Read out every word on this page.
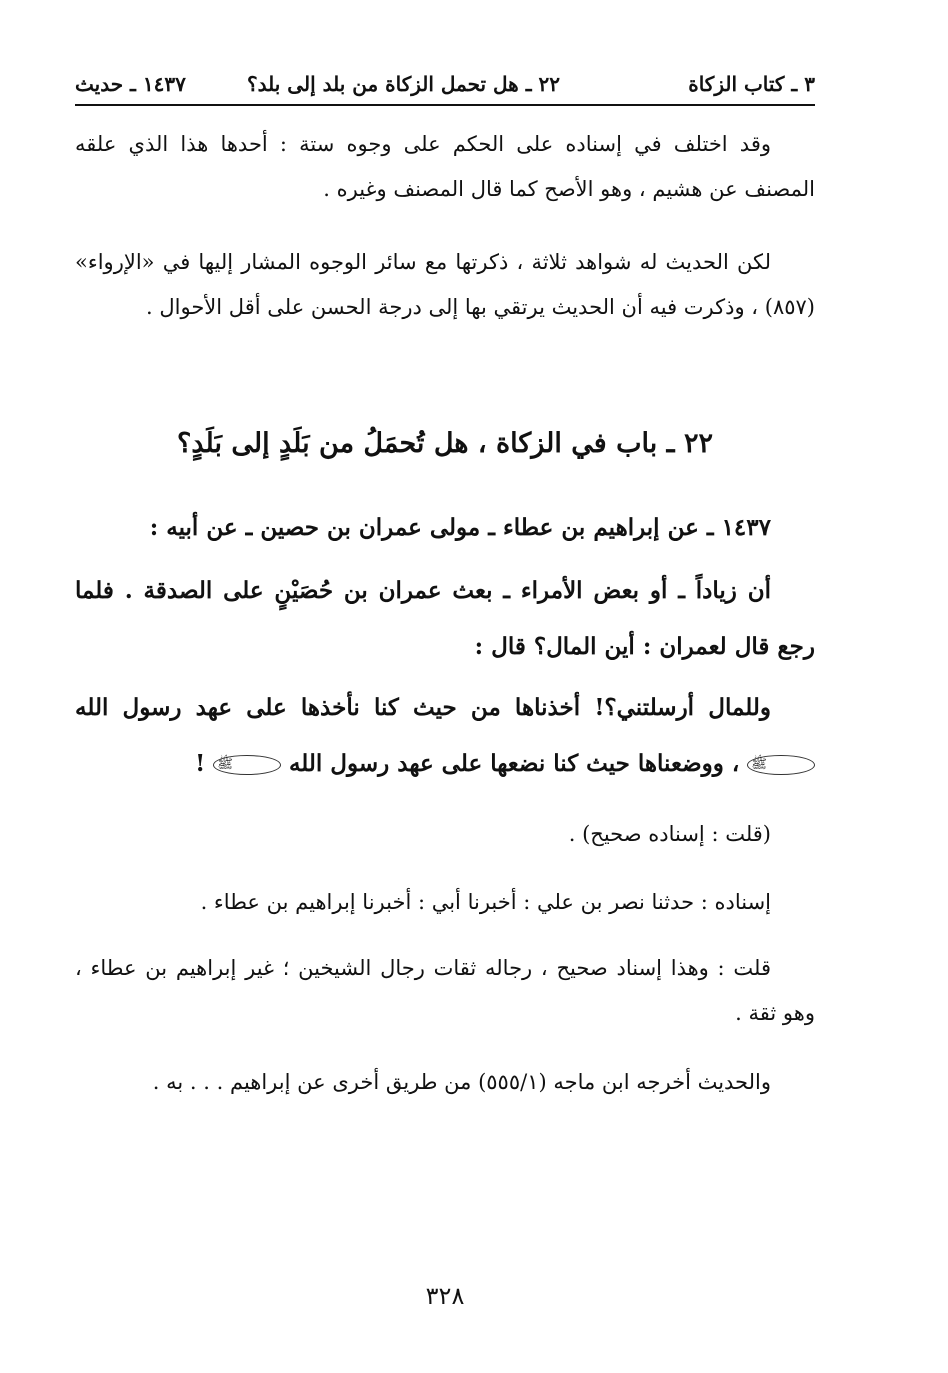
٣ ـ كتاب الزكاة
٢٢ ـ هل تحمل الزكاة من بلد إلى بلد؟
١٤٣٧ ـ حديث

وقد اختلف في إسناده على الحكم على وجوه ستة : أحدها هذا الذي علقه المصنف عن هشيم ، وهو الأصح كما قال المصنف وغيره .

لكن الحديث له شواهد ثلاثة ، ذكرتها مع سائر الوجوه المشار إليها في «الإرواء» (٨٥٧) ، وذكرت فيه أن الحديث يرتقي بها إلى درجة الحسن على أقل الأحوال .

٢٢ ـ باب في الزكاة ، هل تُحمَلُ من بَلَدٍ إلى بَلَدٍ؟

١٤٣٧ ـ عن إبراهيم بن عطاء ـ مولى عمران بن حصين ـ عن أبيه :

أن زياداً ـ أو بعض الأمراء ـ بعث عمران بن حُصَيْنٍ على الصدقة . فلما رجع قال لعمران : أين المال؟ قال :

وللمال أرسلتني؟! أخذناها من حيث كنا نأخذها على عهد رسول الله ﷺ ، ووضعناها حيث كنا نضعها على عهد رسول الله ﷺ !

(قلت : إسناده صحيح) .

إسناده : حدثنا نصر بن علي : أخبرنا أبي : أخبرنا إبراهيم بن عطاء .

قلت : وهذا إسناد صحيح ، رجاله ثقات رجال الشيخين ؛ غير إبراهيم بن عطاء ، وهو ثقة .

والحديث أخرجه ابن ماجه (٥٥٥/١) من طريق أخرى عن إبراهيم . . . به .

٣٢٨
